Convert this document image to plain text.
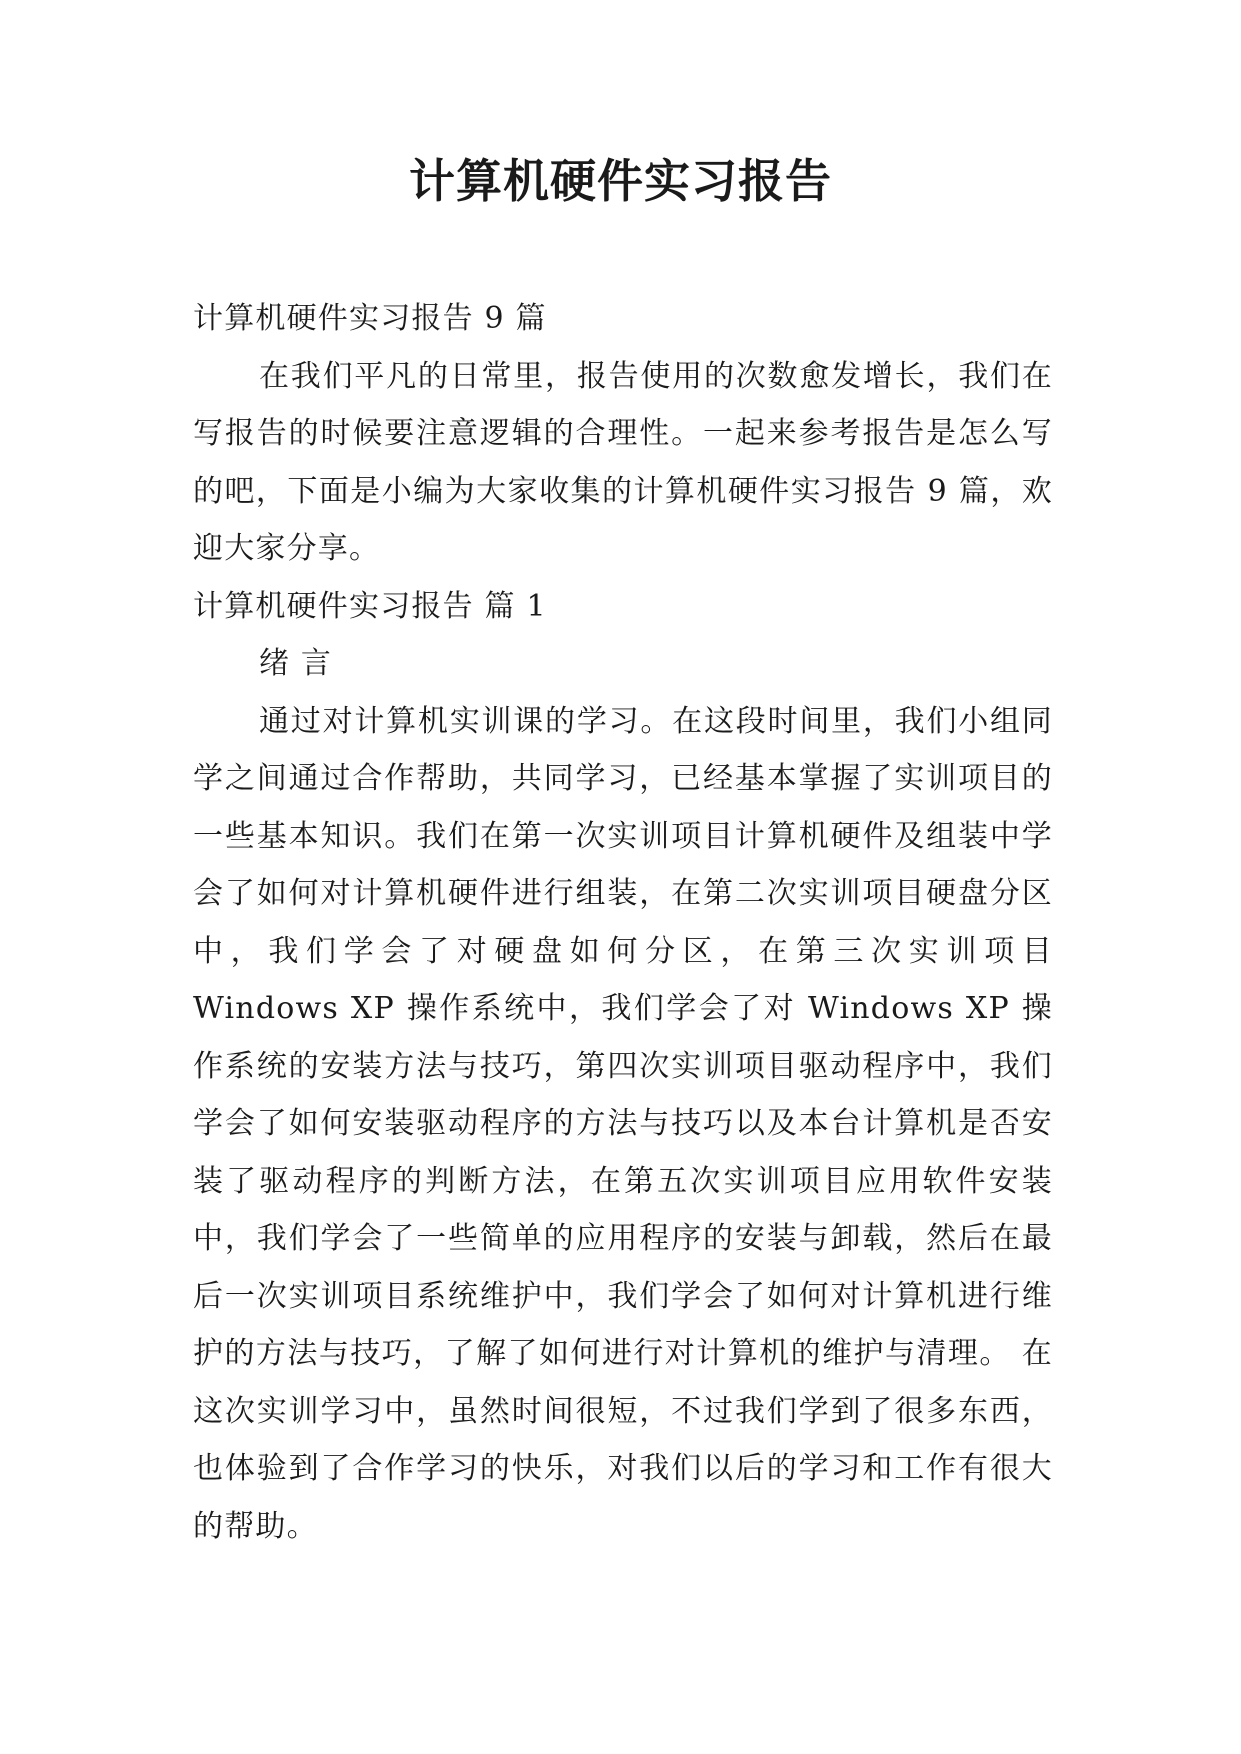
计算机硬件实习报告

计算机硬件实习报告 9 篇

在我们平凡的日常里，报告使用的次数愈发增长，我们在写报告的时候要注意逻辑的合理性。一起来参考报告是怎么写的吧，下面是小编为大家收集的计算机硬件实习报告 9 篇，欢迎大家分享。

计算机硬件实习报告 篇 1

绪 言

通过对计算机实训课的学习。在这段时间里，我们小组同学之间通过合作帮助，共同学习，已经基本掌握了实训项目的一些基本知识。我们在第一次实训项目计算机硬件及组装中学会了如何对计算机硬件进行组装，在第二次实训项目硬盘分区中，我们学会了对硬盘如何分区，在第三次实训项目 Windows XP 操作系统中，我们学会了对 Windows XP 操作系统的安装方法与技巧，第四次实训项目驱动程序中，我们学会了如何安装驱动程序的方法与技巧以及本台计算机是否安装了驱动程序的判断方法，在第五次实训项目应用软件安装中，我们学会了一些简单的应用程序的安装与卸载，然后在最后一次实训项目系统维护中，我们学会了如何对计算机进行维护的方法与技巧，了解了如何进行对计算机的维护与清理。 在这次实训学习中，虽然时间很短，不过我们学到了很多东西，也体验到了合作学习的快乐，对我们以后的学习和工作有很大的帮助。
